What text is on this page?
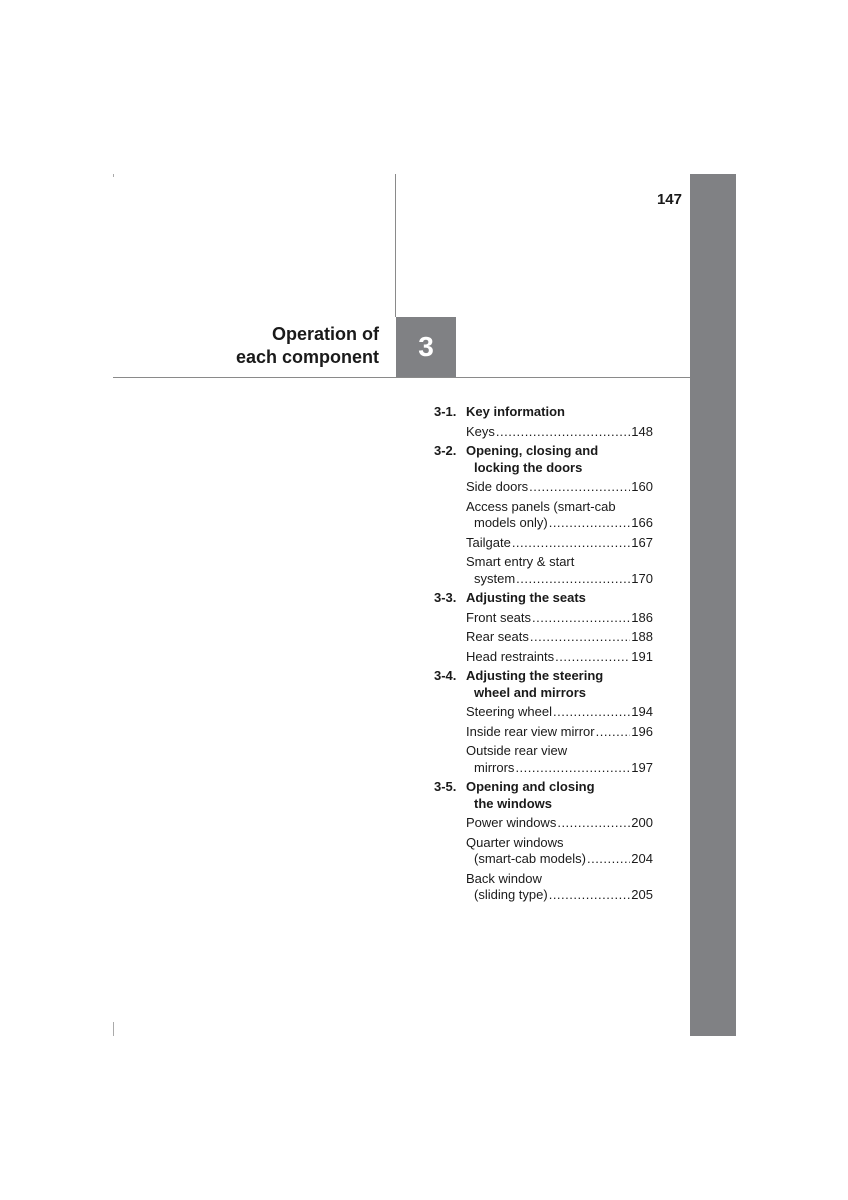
147
Operation of
each component	3
3-1. Key information
Keys .....	148
3-2. Opening, closing and
locking the doors
Side doors .....	160
Access panels (smart-cab
models only) .....	166
Tailgate .....	167
Smart entry & start
system .....	170
3-3. Adjusting the seats
Front seats .....	186
Rear seats .....	188
Head restraints .....	191
3-4. Adjusting the steering
wheel and mirrors
Steering wheel .....	194
Inside rear view mirror .....	196
Outside rear view
mirrors .....	197
3-5. Opening and closing
the windows
Power windows .....	200
Quarter windows
(smart-cab models) .....	204
Back window
(sliding type) .....	205
